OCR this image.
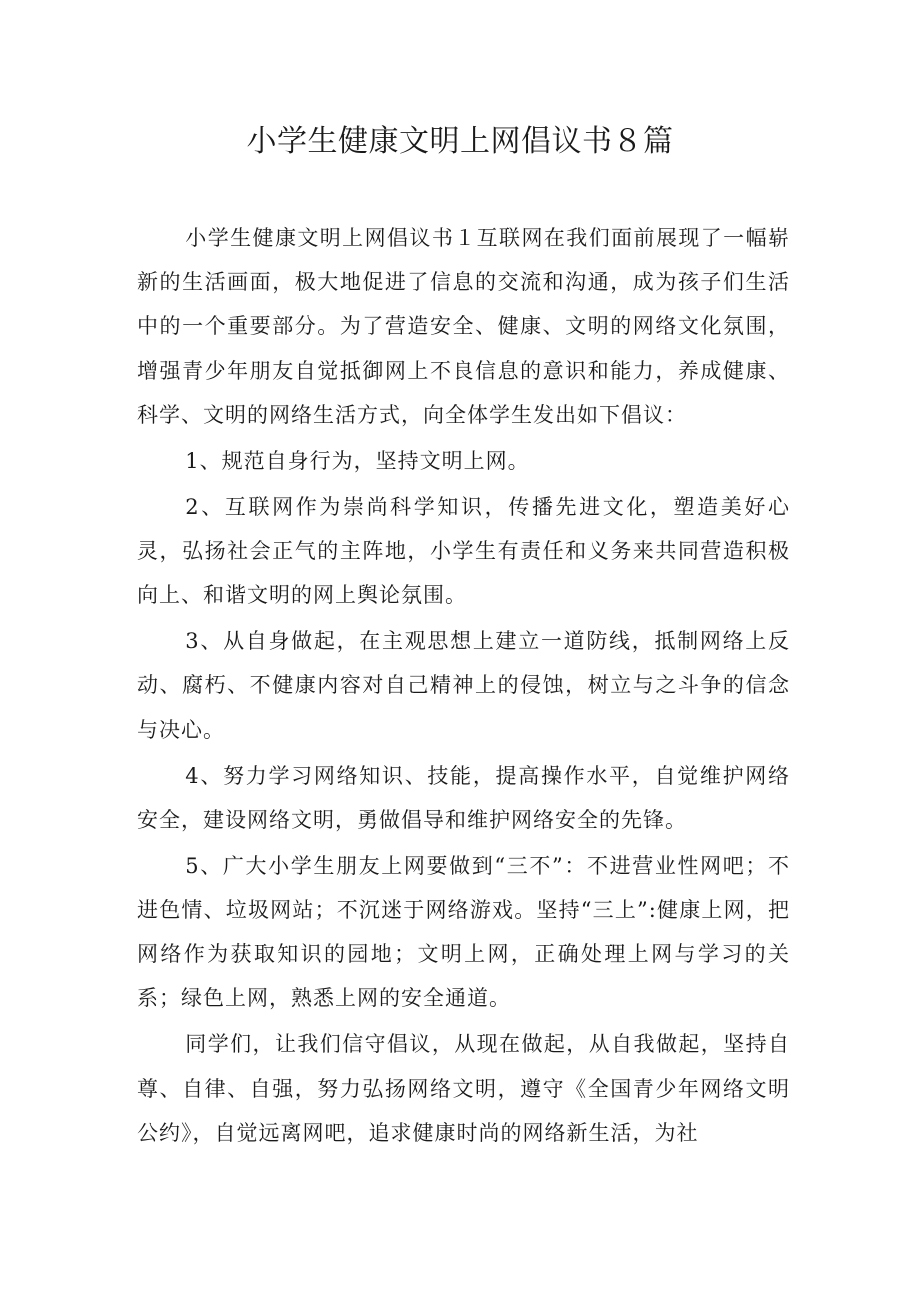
小学生健康文明上网倡议书８篇

小学生健康文明上网倡议书１互联网在我们面前展现了一幅崭新的生活画面，极大地促进了信息的交流和沟通，成为孩子们生活中的一个重要部分。为了营造安全、健康、文明的网络文化氛围，增强青少年朋友自觉抵御网上不良信息的意识和能力，养成健康、科学、文明的网络生活方式，向全体学生发出如下倡议：

1、规范自身行为，坚持文明上网。

2、互联网作为崇尚科学知识，传播先进文化，塑造美好心灵，弘扬社会正气的主阵地，小学生有责任和义务来共同营造积极向上、和谐文明的网上舆论氛围。

3、从自身做起，在主观思想上建立一道防线，抵制网络上反动、腐朽、不健康内容对自己精神上的侵蚀，树立与之斗争的信念与决心。

4、努力学习网络知识、技能，提高操作水平，自觉维护网络安全，建设网络文明，勇做倡导和维护网络安全的先锋。

5、广大小学生朋友上网要做到“三不”：不进营业性网吧；不进色情、垃圾网站；不沉迷于网络游戏。坚持“三上”:健康上网，把网络作为获取知识的园地；文明上网，正确处理上网与学习的关系；绿色上网，熟悉上网的安全通道。

同学们，让我们信守倡议，从现在做起，从自我做起，坚持自尊、自律、自强，努力弘扬网络文明，遵守《全国青少年网络文明公约》，自觉远离网吧，追求健康时尚的网络新生活，为社
